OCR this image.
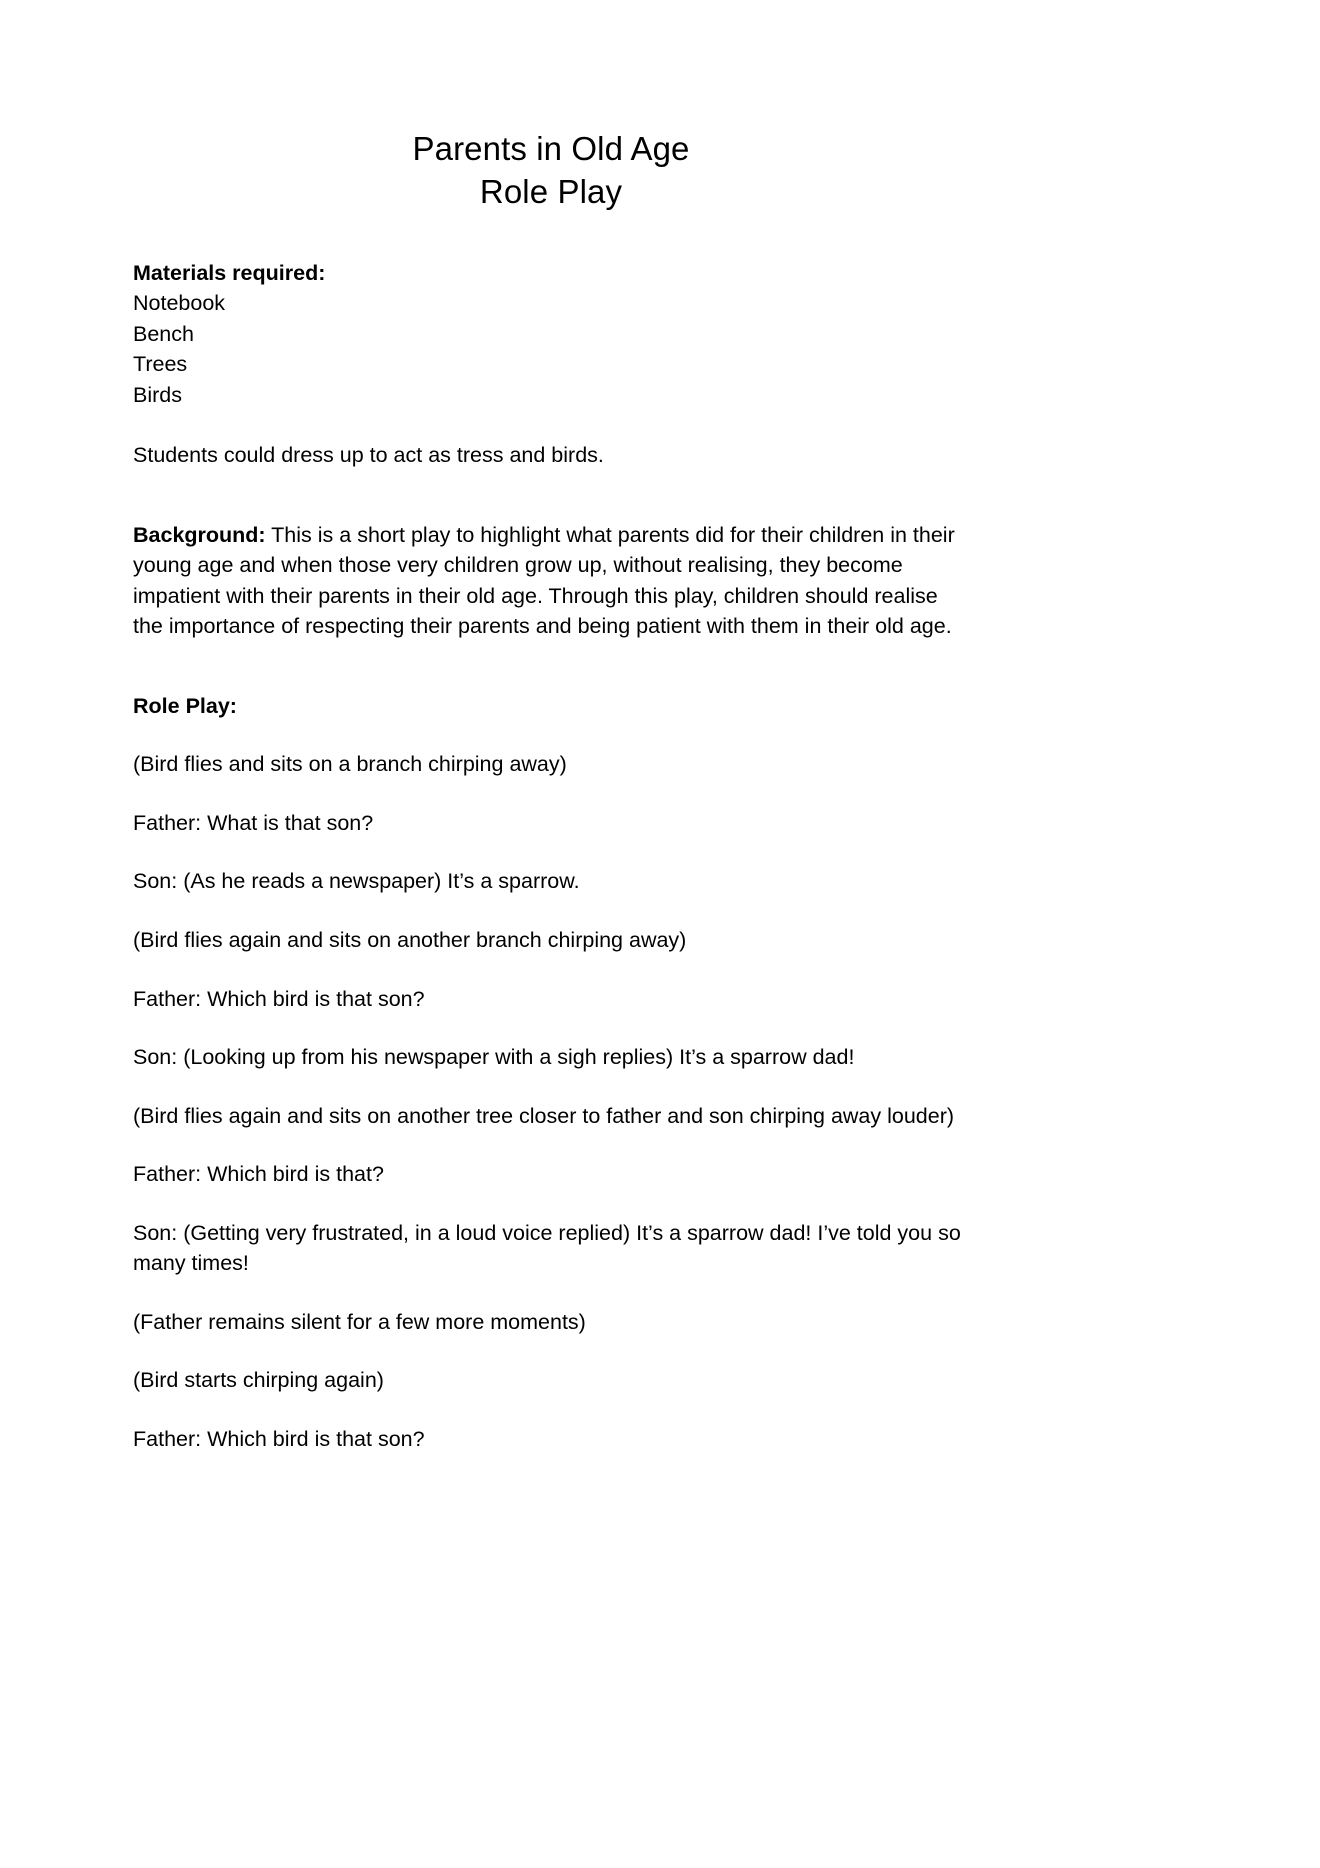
Parents in Old Age
Role Play
Materials required:
Notebook
Bench
Trees
Birds

Students could dress up to act as tress and birds.

Background: This is a short play to highlight what parents did for their children in their young age and when those very children grow up, without realising, they become impatient with their parents in their old age. Through this play, children should realise the importance of respecting their parents and being patient with them in their old age.

Role Play:

(Bird flies and sits on a branch chirping away)

Father: What is that son?

Son: (As he reads a newspaper) It’s a sparrow.

(Bird flies again and sits on another branch chirping away)

Father: Which bird is that son?

Son: (Looking up from his newspaper with a sigh replies) It’s a sparrow dad!

(Bird flies again and sits on another tree closer to father and son chirping away louder)

Father: Which bird is that?

Son: (Getting very frustrated, in a loud voice replied) It’s a sparrow dad! I’ve told you so many times!

(Father remains silent for a few more moments)

(Bird starts chirping again)

Father: Which bird is that son?
